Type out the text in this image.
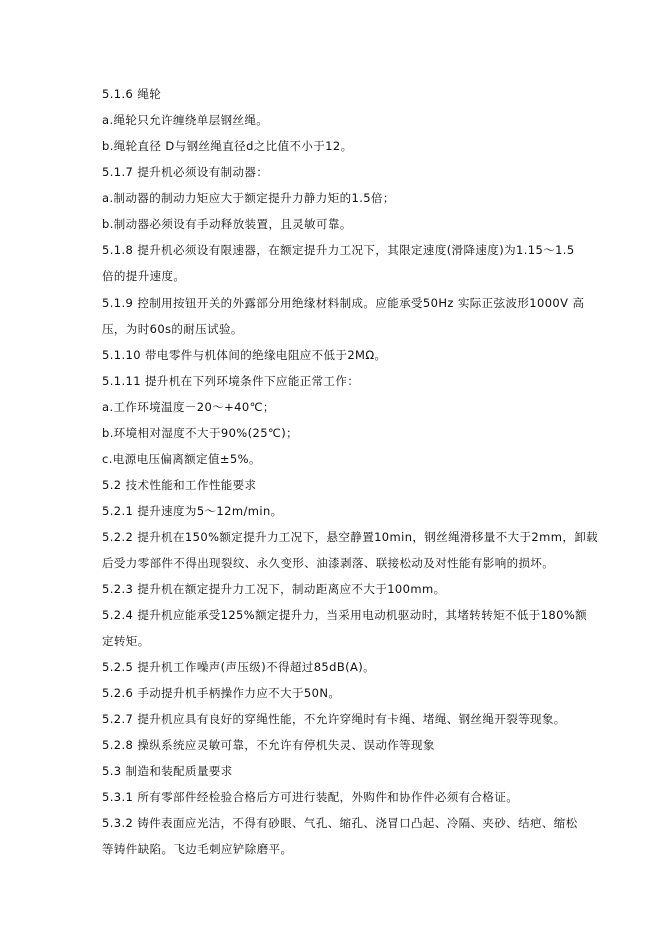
5.1.6 绳轮
a.绳轮只允许缠绕单层钢丝绳。
b.绳轮直径 D与钢丝绳直径d之比值不小于12。
5.1.7 提升机必须设有制动器：
a.制动器的制动力矩应大于额定提升力静力矩的1.5倍；
b.制动器必须设有手动释放装置，且灵敏可靠。
5.1.8 提升机必须设有限速器，在额定提升力工况下，其限定速度(滑降速度)为1.15～1.5
倍的提升速度。
5.1.9 控制用按钮开关的外露部分用绝缘材料制成。应能承受50Hz 实际正弦波形1000V 高
压，为时60s的耐压试验。
5.1.10 带电零件与机体间的绝缘电阻应不低于2MΩ。
5.1.11 提升机在下列环境条件下应能正常工作：
a.工作环境温度－20～+40℃；
b.环境相对湿度不大于90%(25℃)；
c.电源电压偏离额定值±5%。
5.2 技术性能和工作性能要求
5.2.1 提升速度为5～12m/min。
5.2.2 提升机在150%额定提升力工况下，悬空静置10min，钢丝绳滑移量不大于2mm，卸载
后受力零部件不得出现裂纹、永久变形、油漆剥落、联接松动及对性能有影响的损坏。
5.2.3 提升机在额定提升力工况下，制动距离应不大于100mm。
5.2.4 提升机应能承受125%额定提升力，当采用电动机驱动时，其堵转转矩不低于180%额
定转矩。
5.2.5 提升机工作噪声(声压级)不得超过85dB(A)。
5.2.6 手动提升机手柄操作力应不大于50N。
5.2.7 提升机应具有良好的穿绳性能，不允许穿绳时有卡绳、堵绳、钢丝绳开裂等现象。
5.2.8 操纵系统应灵敏可靠，不允许有停机失灵、误动作等现象
5.3 制造和装配质量要求
5.3.1 所有零部件经检验合格后方可进行装配，外购件和协作件必须有合格证。
5.3.2 铸件表面应光洁，不得有砂眼、气孔、缩孔、浇冒口凸起、冷隔、夹砂、结疤、缩松
等铸件缺陷。飞边毛刺应铲除磨平。
